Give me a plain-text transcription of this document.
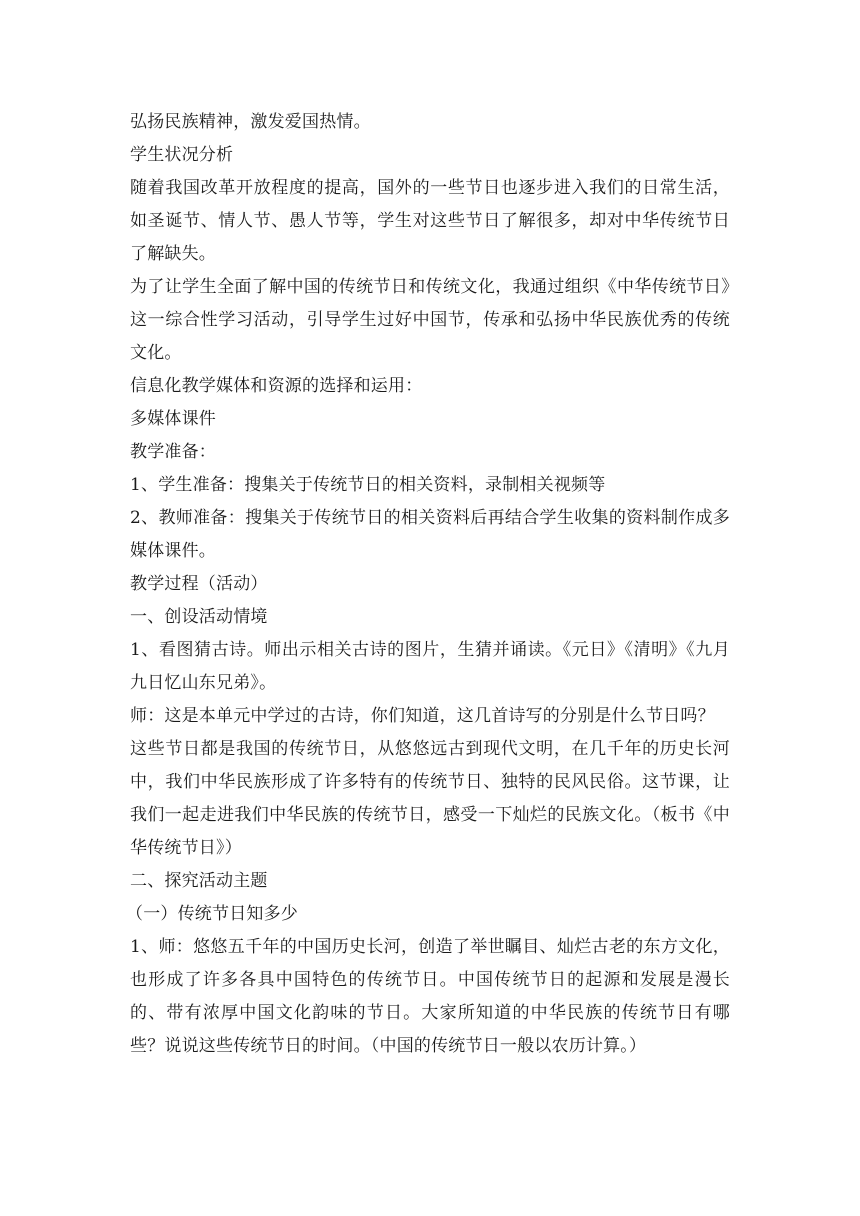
弘扬民族精神，激发爱国热情。

学生状况分析

随着我国改革开放程度的提高，国外的一些节日也逐步进入我们的日常生活，如圣诞节、情人节、愚人节等，学生对这些节日了解很多，却对中华传统节日了解缺失。

为了让学生全面了解中国的传统节日和传统文化，我通过组织《中华传统节日》这一综合性学习活动，引导学生过好中国节，传承和弘扬中华民族优秀的传统文化。

信息化教学媒体和资源的选择和运用：

多媒体课件

教学准备：

1、学生准备：搜集关于传统节日的相关资料，录制相关视频等

2、教师准备：搜集关于传统节日的相关资料后再结合学生收集的资料制作成多媒体课件。

教学过程（活动）

一、创设活动情境

1、看图猜古诗。师出示相关古诗的图片，生猜并诵读。《元日》《清明》《九月九日忆山东兄弟》。

师：这是本单元中学过的古诗，你们知道，这几首诗写的分别是什么节日吗？

这些节日都是我国的传统节日，从悠悠远古到现代文明，在几千年的历史长河中，我们中华民族形成了许多特有的传统节日、独特的民风民俗。这节课，让我们一起走进我们中华民族的传统节日，感受一下灿烂的民族文化。（板书《中华传统节日》）

二、探究活动主题

（一）传统节日知多少

1、师：悠悠五千年的中国历史长河，创造了举世瞩目、灿烂古老的东方文化，也形成了许多各具中国特色的传统节日。中国传统节日的起源和发展是漫长的、带有浓厚中国文化韵味的节日。大家所知道的中华民族的传统节日有哪些？说说这些传统节日的时间。（中国的传统节日一般以农历计算。）
